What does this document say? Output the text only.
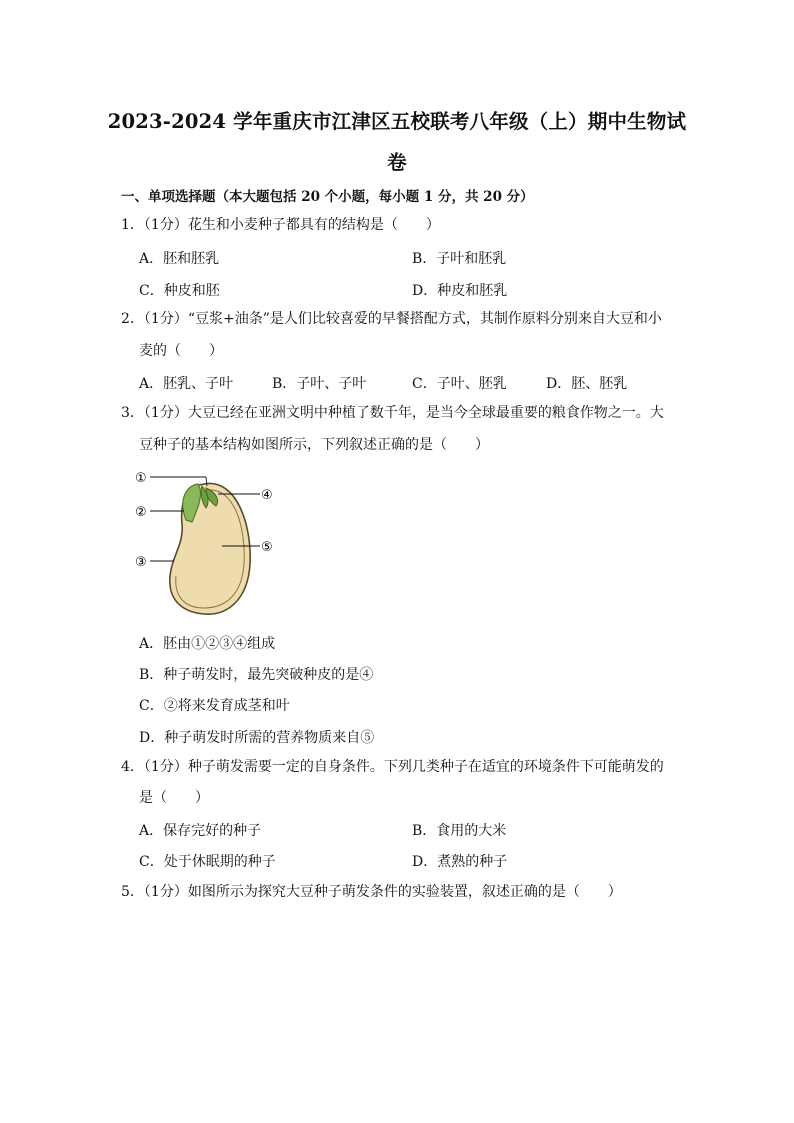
2023-2024 学年重庆市江津区五校联考八年级（上）期中生物试
卷
一、单项选择题（本大题包括 20 个小题，每小题 1 分，共 20 分）
1．（1分）花生和小麦种子都具有的结构是（　　）
A．胚和胚乳	B．子叶和胚乳
C．种皮和胚	D．种皮和胚乳
2．（1分）“豆浆+油条”是人们比较喜爱的早餐搭配方式，其制作原料分别来自大豆和小
麦的（　　）
A．胚乳、子叶	B．子叶、子叶	C．子叶、胚乳	D．胚、胚乳
3．（1分）大豆已经在亚洲文明中种植了数千年，是当今全球最重要的粮食作物之一。大
豆种子的基本结构如图所示，下列叙述正确的是（　　）
①
②
③
④
⑤
A．胚由①②③④组成
B．种子萌发时，最先突破种皮的是④
C．②将来发育成茎和叶
D．种子萌发时所需的营养物质来自⑤
4．（1分）种子萌发需要一定的自身条件。下列几类种子在适宜的环境条件下可能萌发的
是（　　）
A．保存完好的种子	B．食用的大米
C．处于休眠期的种子	D．煮熟的种子
5．（1分）如图所示为探究大豆种子萌发条件的实验装置，叙述正确的是（　　）
